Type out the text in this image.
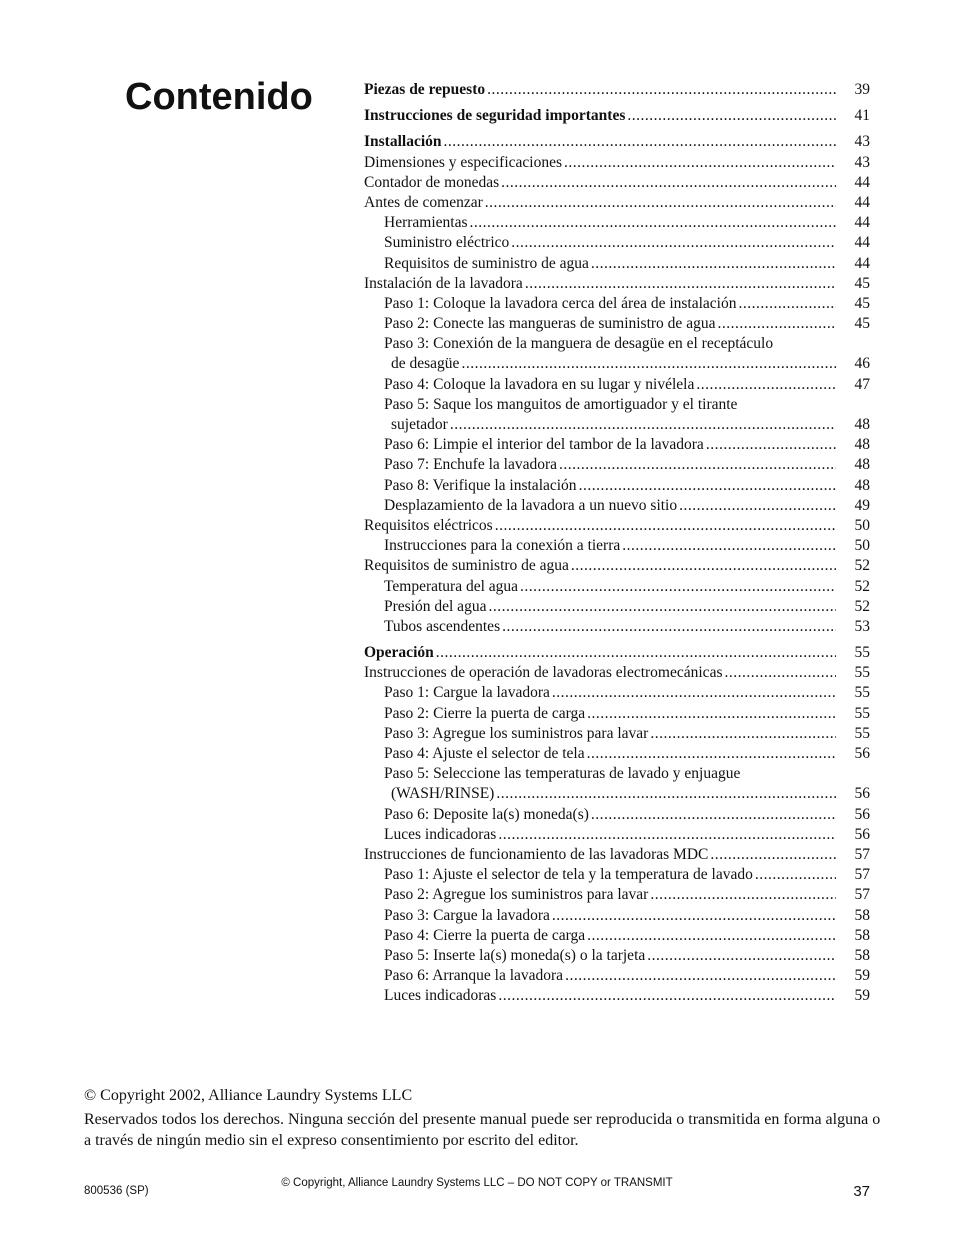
Contenido	Piezas de repuesto .....	39
Instrucciones de seguridad importantes .....	41
Installación .....	43
Dimensiones y especificaciones .....	43
Contador de monedas .....	44
Antes de comenzar .....	44
Herramientas .....	44
Suministro eléctrico .....	44
Requisitos de suministro de agua .....	44
Instalación de la lavadora .....	45
Paso 1: Coloque la lavadora cerca del área de instalación .....	45
Paso 2: Conecte las mangueras de suministro de agua .....	45
Paso 3: Conexión de la manguera de desagüe en el receptáculo
de desagüe .....	46
Paso 4: Coloque la lavadora en su lugar y nivélela .....	47
Paso 5: Saque los manguitos de amortiguador y el tirante
sujetador .....	48
Paso 6: Limpie el interior del tambor de la lavadora .....	48
Paso 7: Enchufe la lavadora .....	48
Paso 8: Verifique la instalación .....	48
Desplazamiento de la lavadora a un nuevo sitio .....	49
Requisitos eléctricos .....	50
Instrucciones para la conexión a tierra .....	50
Requisitos de suministro de agua .....	52
Temperatura del agua .....	52
Presión del agua .....	52
Tubos ascendentes .....	53
Operación .....	55
Instrucciones de operación de lavadoras electromecánicas .....	55
Paso 1: Cargue la lavadora .....	55
Paso 2: Cierre la puerta de carga .....	55
Paso 3: Agregue los suministros para lavar .....	55
Paso 4: Ajuste el selector de tela .....	56
Paso 5: Seleccione las temperaturas de lavado y enjuague
(WASH/RINSE) .....	56
Paso 6: Deposite la(s) moneda(s) .....	56
Luces indicadoras .....	56
Instrucciones de funcionamiento de las lavadoras MDC .....	57
Paso 1: Ajuste el selector de tela y la temperatura de lavado .....	57
Paso 2: Agregue los suministros para lavar .....	57
Paso 3: Cargue la lavadora .....	58
Paso 4: Cierre la puerta de carga .....	58
Paso 5: Inserte la(s) moneda(s) o la tarjeta .....	58
Paso 6: Arranque la lavadora .....	59
Luces indicadoras .....	59
© Copyright 2002, Alliance Laundry Systems LLC
Reservados todos los derechos. Ninguna sección del presente manual puede ser reproducida o transmitida en forma alguna o a través de ningún medio sin el expreso consentimiento por escrito del editor.
800536 (SP)
© Copyright, Alliance Laundry Systems LLC – DO NOT COPY or TRANSMIT	37
